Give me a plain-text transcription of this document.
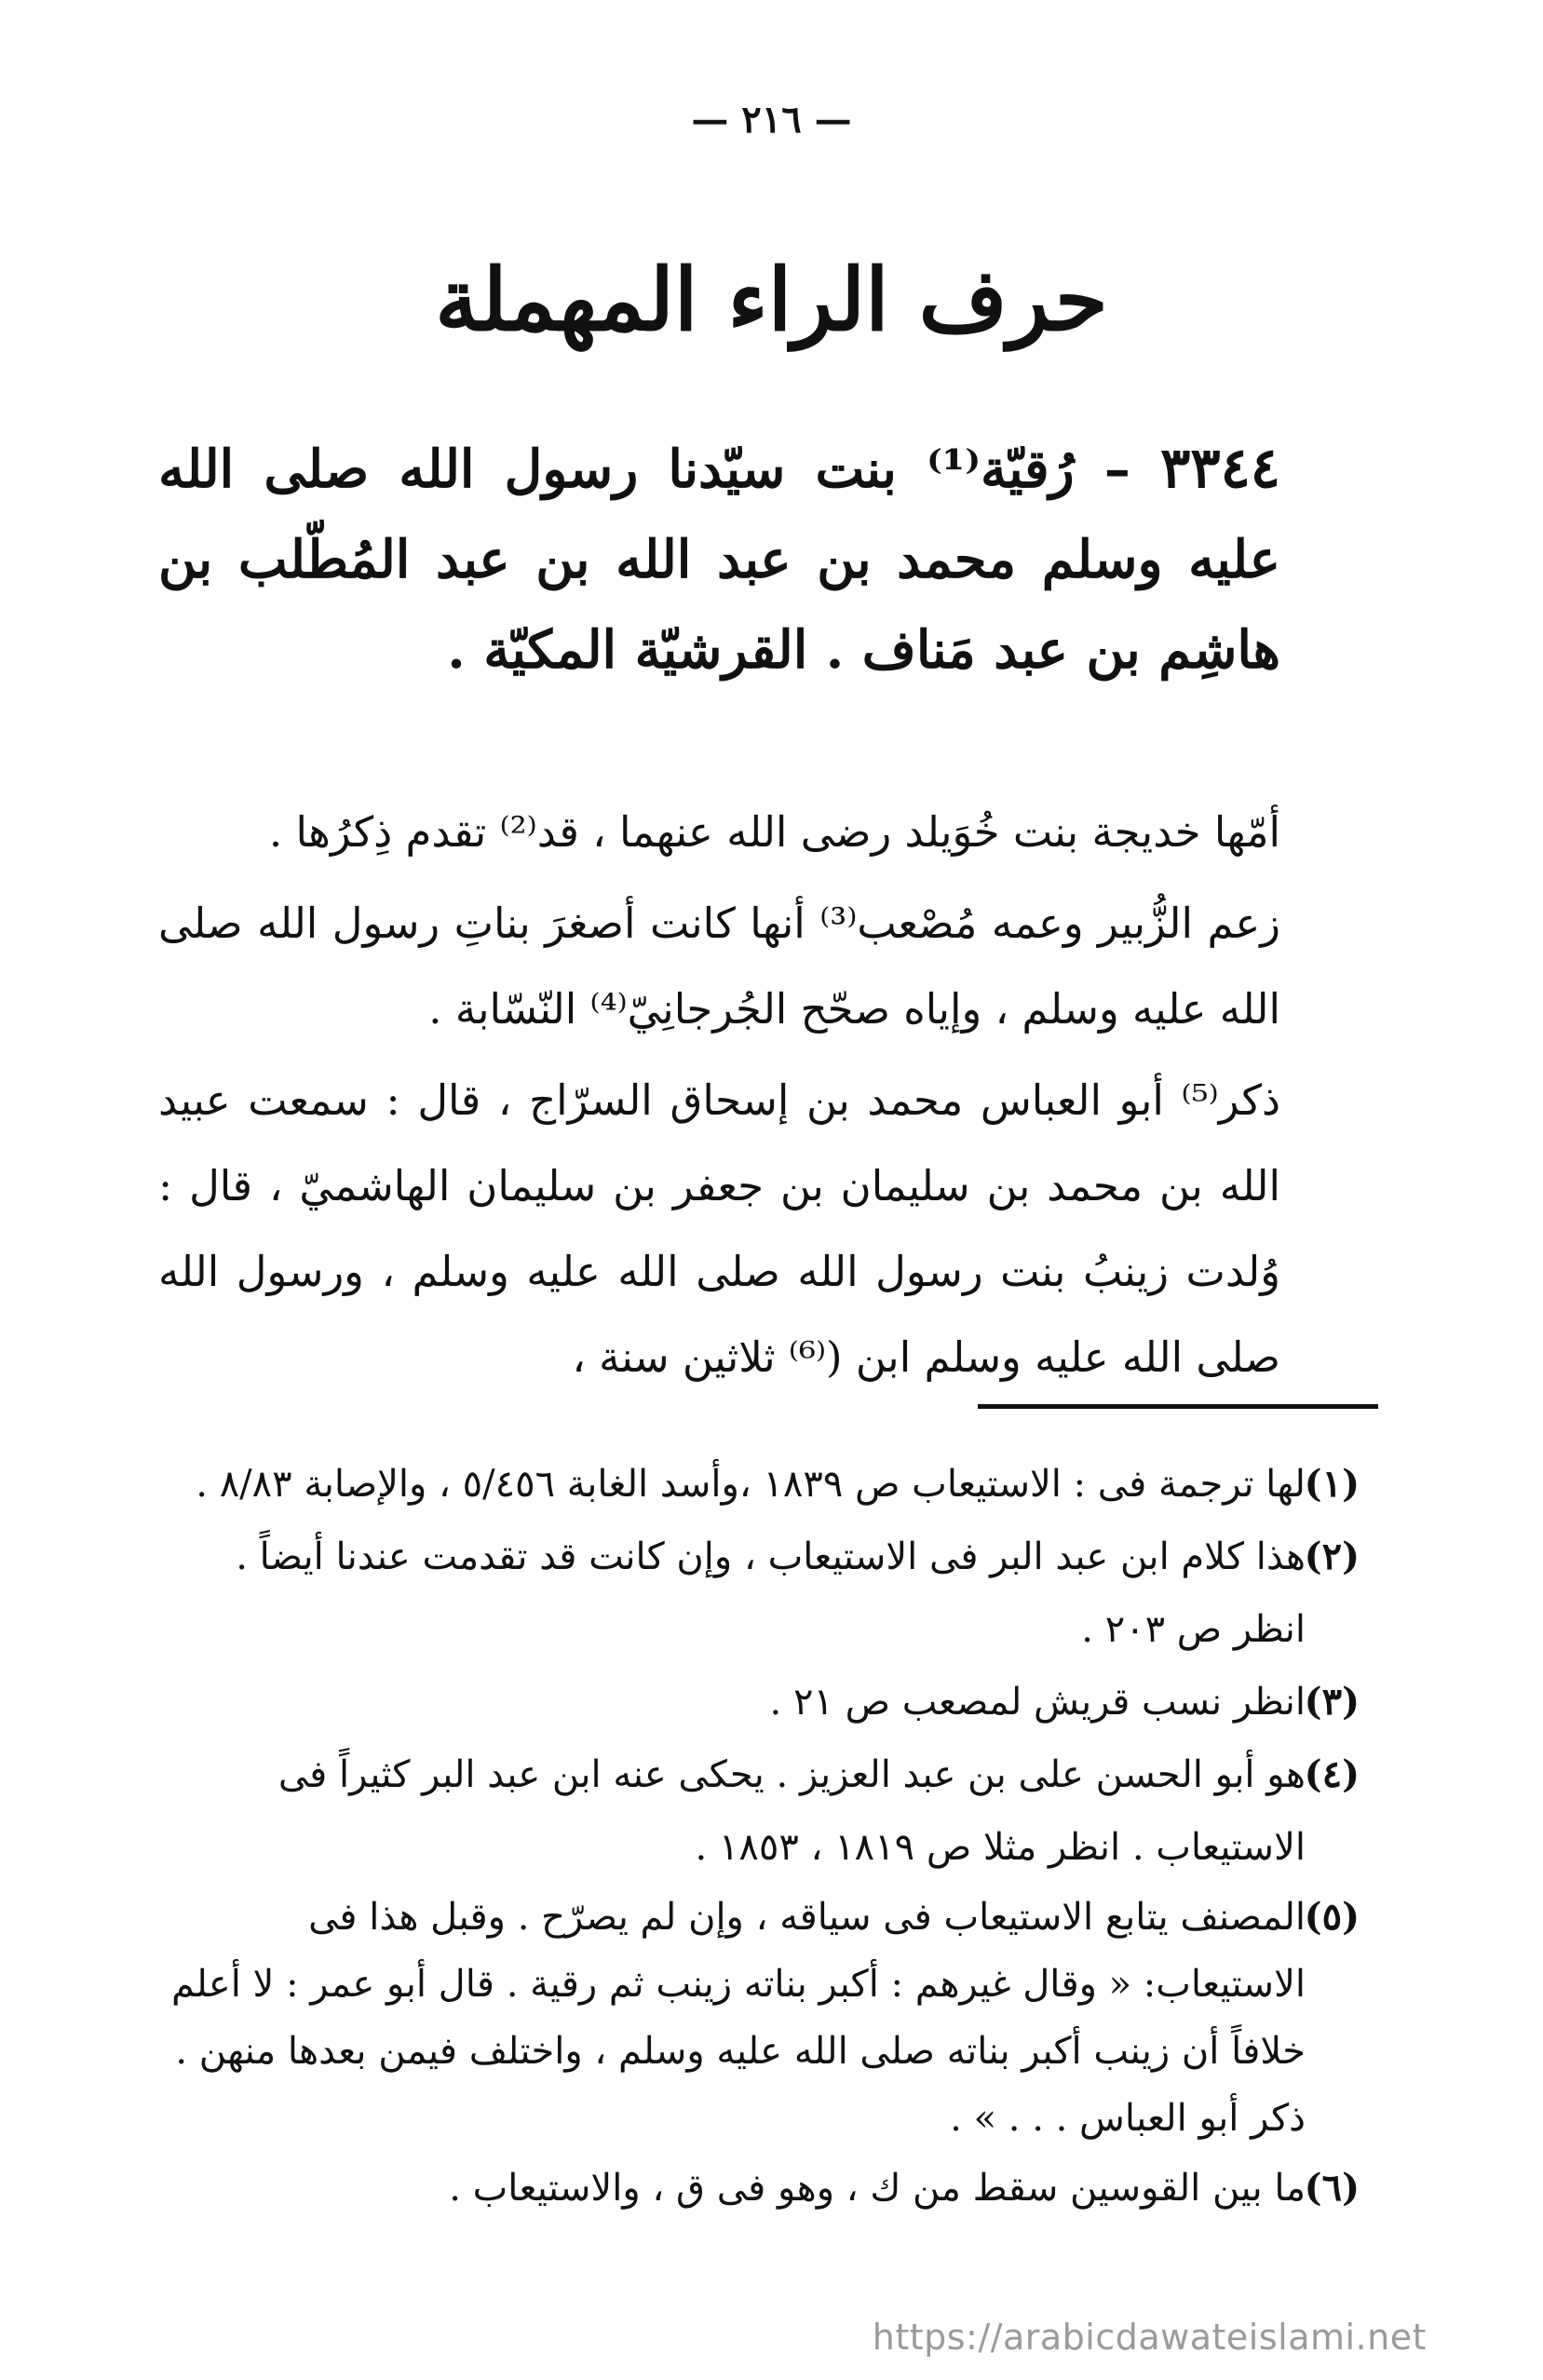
— ٢١٦ —
حرف الراء المهملة
٣٣٤٤ – رُقيّة⁽¹⁾ بنت سيّدنا رسول الله صلى الله عليه وسلم محمد بن عبد الله بن عبد المُطّلب بن هاشِم بن عبد مَناف . القرشيّة المكيّة .

أمّها خديجة بنت خُوَيلد رضى الله عنهما ، قد⁽²⁾ تقدم ذِكرُها .

زعم الزُّبير وعمه مُصْعب⁽³⁾ أنها كانت أصغرَ بناتِ رسول الله صلى الله عليه وسلم ، وإياه صحّح الجُرجانِيّ⁽⁴⁾ النّسّابة .

ذكر⁽⁵⁾ أبو العباس محمد بن إسحاق السرّاج ، قال : سمعت عبيد الله بن محمد بن سليمان بن جعفر بن سليمان الهاشميّ ، قال : وُلدت زينبُ بنت رسول الله صلى الله عليه وسلم ، ورسول الله صلى الله عليه وسلم ابن (⁽⁶⁾ ثلاثين سنة ،

(١)
لها ترجمة فى : الاستيعاب ص ١٨٣٩ ،وأسد الغابة ٥/٤٥٦ ، والإصابة ٨/٨٣ .

(٢)
هذا كلام ابن عبد البر فى الاستيعاب ، وإن كانت قد تقدمت عندنا أيضاً . انظر ص ٢٠٣ .

(٣)
انظر نسب قريش لمصعب ص ٢١ .

(٤)
هو أبو الحسن على بن عبد العزيز . يحكى عنه ابن عبد البر كثيراً فى الاستيعاب . انظر مثلا ص ١٨١٩ ، ١٨٥٣ .

(٥)
المصنف يتابع الاستيعاب فى سياقه ، وإن لم يصرّح . وقبل هذا فى الاستيعاب: « وقال غيرهم : أكبر بناته زينب ثم رقية . قال أبو عمر : لا أعلم خلافاً أن زينب أكبر بناته صلى الله عليه وسلم ، واختلف فيمن بعدها منهن . ذكر أبو العباس . . . » .

(٦)
ما بين القوسين سقط من ك ، وهو فى ق ، والاستيعاب .

https://arabicdawateislami.net
